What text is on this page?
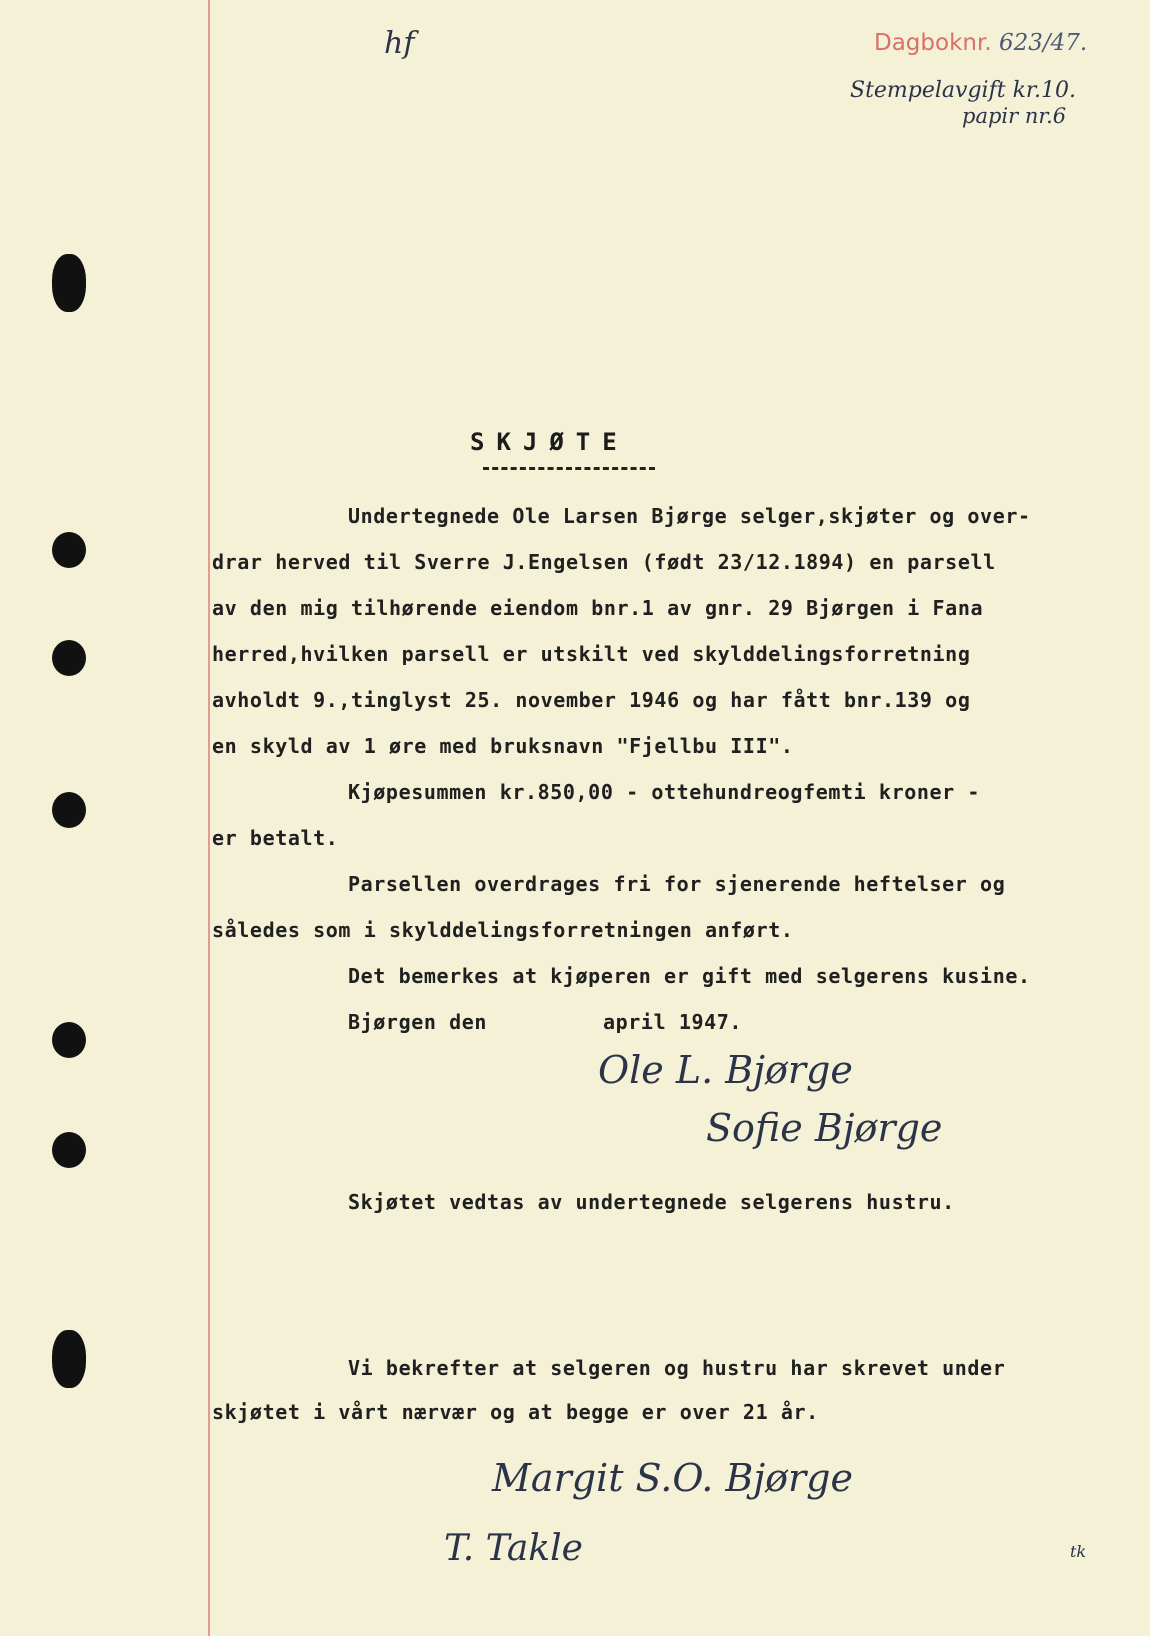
hf	Dagboknr. 623/47.
Stempelavgift kr.10.
papir nr.6
SKJØTE
Undertegnede Ole Larsen Bjørge selger,skjøter og over-
drar herved til Sverre J.Engelsen (født 23/12.1894) en parsell
av den mig tilhørende eiendom bnr.1 av gnr. 29 Bjørgen i Fana
herred,hvilken parsell er utskilt ved skylddelingsforretning
avholdt 9.,tinglyst 25. november 1946 og har fått bnr.139 og
en skyld av 1 øre med bruksnavn "Fjellbu III".
Kjøpesummen kr.850,00 - ottehundreogfemti kroner -
er betalt.
Parsellen overdrages fri for sjenerende heftelser og
således som i skylddelingsforretningen anført.
Det bemerkes at kjøperen er gift med selgerens kusine.
Bjørgen den	april 1947.
Ole L. Bjørge
Sofie Bjørge
Skjøtet vedtas av undertegnede selgerens hustru.
Vi bekrefter at selgeren og hustru har skrevet under
skjøtet i vårt nærvær og at begge er over 21 år.
Margit S.O. Bjørge
T. Takle	tk
